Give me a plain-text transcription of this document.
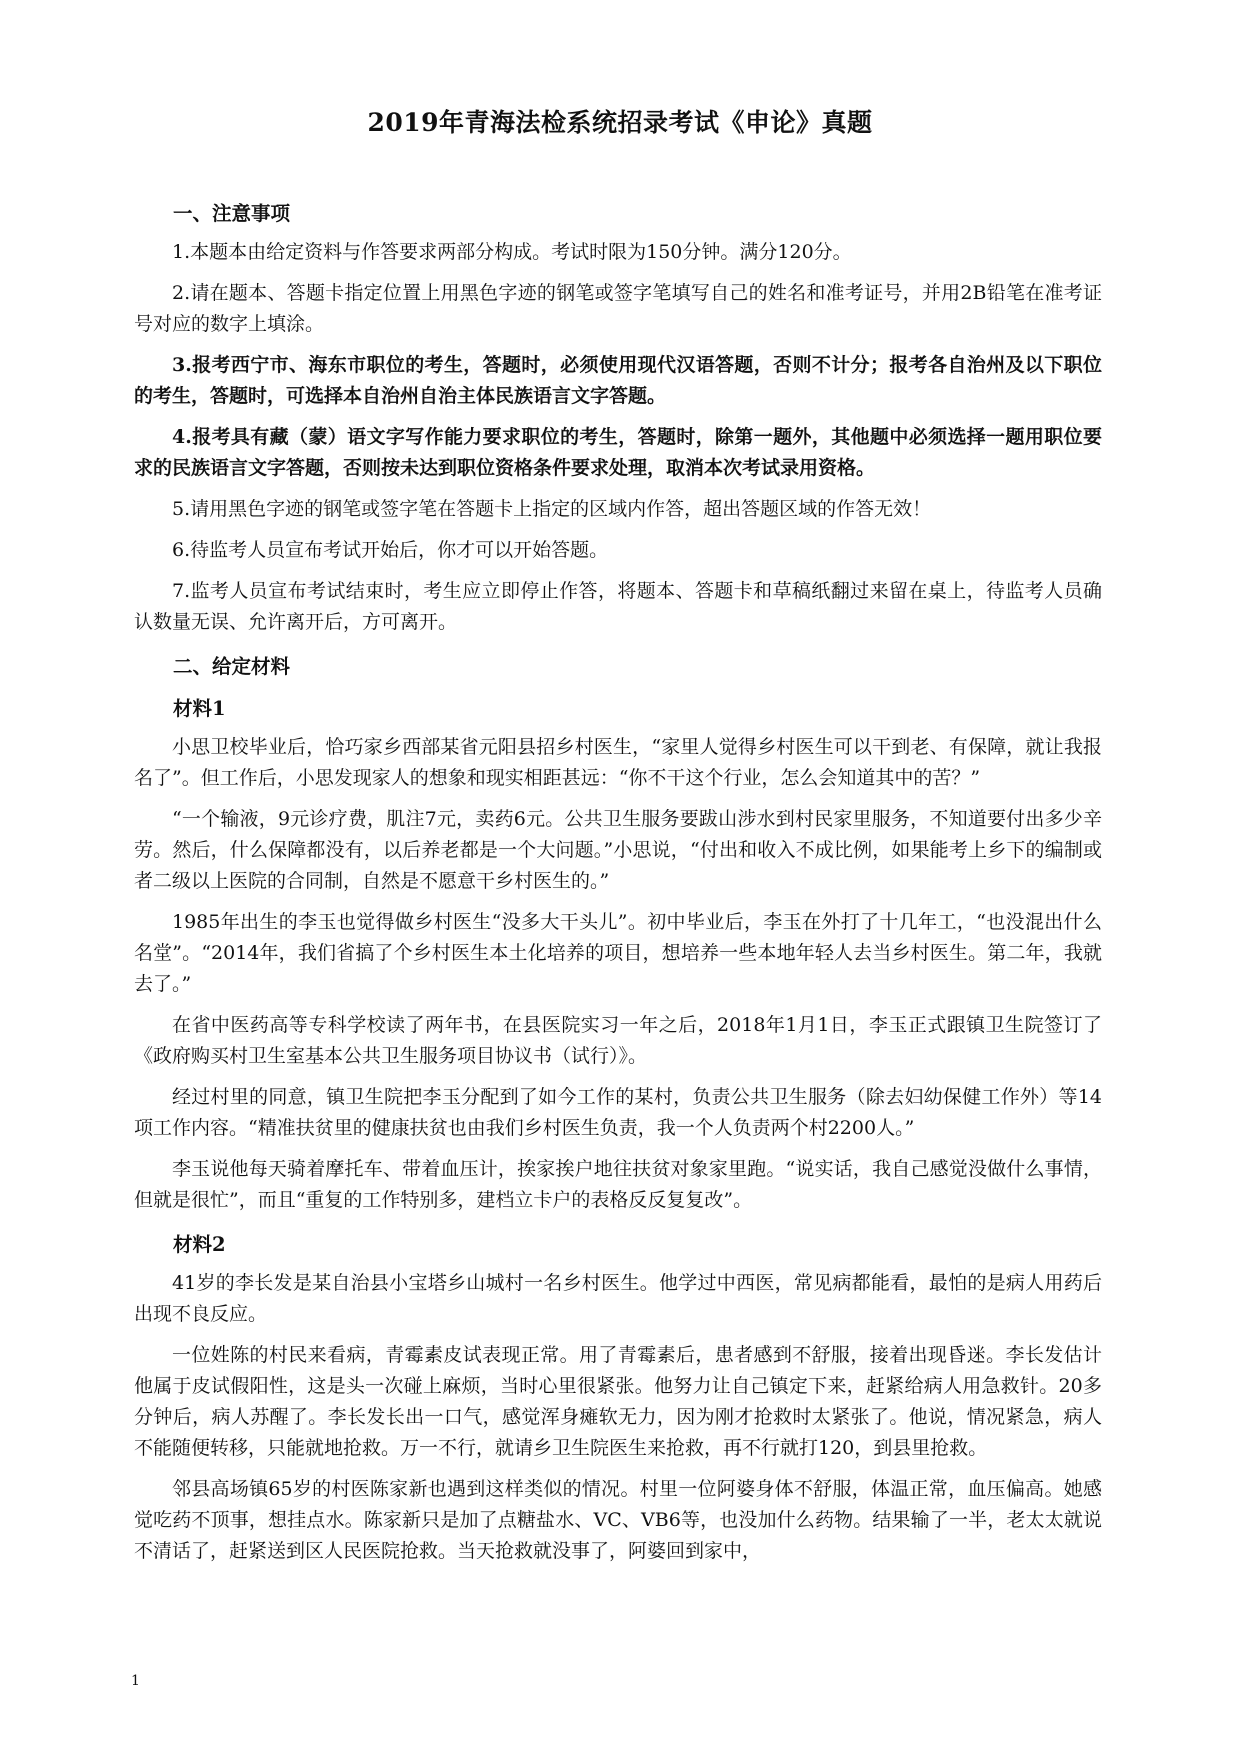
2019年青海法检系统招录考试《申论》真题
一、注意事项

1.本题本由给定资料与作答要求两部分构成。考试时限为150分钟。满分120分。

2.请在题本、答题卡指定位置上用黑色字迹的钢笔或签字笔填写自己的姓名和准考证号，并用2B铅笔在准考证号对应的数字上填涂。

3.报考西宁市、海东市职位的考生，答题时，必须使用现代汉语答题，否则不计分；报考各自治州及以下职位的考生，答题时，可选择本自治州自治主体民族语言文字答题。

4.报考具有藏（蒙）语文字写作能力要求职位的考生，答题时，除第一题外，其他题中必须选择一题用职位要求的民族语言文字答题，否则按未达到职位资格条件要求处理，取消本次考试录用资格。

5.请用黑色字迹的钢笔或签字笔在答题卡上指定的区域内作答，超出答题区域的作答无效！

6.待监考人员宣布考试开始后，你才可以开始答题。

7.监考人员宣布考试结束时，考生应立即停止作答，将题本、答题卡和草稿纸翻过来留在桌上，待监考人员确认数量无误、允许离开后，方可离开。

二、给定材料
材料1

小思卫校毕业后，恰巧家乡西部某省元阳县招乡村医生，“家里人觉得乡村医生可以干到老、有保障，就让我报名了”。但工作后，小思发现家人的想象和现实相距甚远：“你不干这个行业，怎么会知道其中的苦？”

“一个输液，9元诊疗费，肌注7元，卖药6元。公共卫生服务要跋山涉水到村民家里服务，不知道要付出多少辛劳。然后，什么保障都没有，以后养老都是一个大问题。”小思说，“付出和收入不成比例，如果能考上乡下的编制或者二级以上医院的合同制，自然是不愿意干乡村医生的。”

1985年出生的李玉也觉得做乡村医生“没多大干头儿”。初中毕业后，李玉在外打了十几年工，“也没混出什么名堂”。“2014年，我们省搞了个乡村医生本土化培养的项目，想培养一些本地年轻人去当乡村医生。第二年，我就去了。”

在省中医药高等专科学校读了两年书，在县医院实习一年之后，2018年1月1日，李玉正式跟镇卫生院签订了《政府购买村卫生室基本公共卫生服务项目协议书（试行）》。

经过村里的同意，镇卫生院把李玉分配到了如今工作的某村，负责公共卫生服务（除去妇幼保健工作外）等14项工作内容。“精准扶贫里的健康扶贫也由我们乡村医生负责，我一个人负责两个村2200人。”

李玉说他每天骑着摩托车、带着血压计，挨家挨户地往扶贫对象家里跑。“说实话，我自己感觉没做什么事情，但就是很忙”，而且“重复的工作特别多，建档立卡户的表格反反复复改”。

材料2

41岁的李长发是某自治县小宝塔乡山城村一名乡村医生。他学过中西医，常见病都能看，最怕的是病人用药后出现不良反应。

一位姓陈的村民来看病，青霉素皮试表现正常。用了青霉素后，患者感到不舒服，接着出现昏迷。李长发估计他属于皮试假阳性，这是头一次碰上麻烦，当时心里很紧张。他努力让自己镇定下来，赶紧给病人用急救针。20多分钟后，病人苏醒了。李长发长出一口气，感觉浑身瘫软无力，因为刚才抢救时太紧张了。他说，情况紧急，病人不能随便转移，只能就地抢救。万一不行，就请乡卫生院医生来抢救，再不行就打120，到县里抢救。

邻县高场镇65岁的村医陈家新也遇到这样类似的情况。村里一位阿婆身体不舒服，体温正常，血压偏高。她感觉吃药不顶事，想挂点水。陈家新只是加了点糖盐水、VC、VB6等，也没加什么药物。结果输了一半，老太太就说不清话了，赶紧送到区人民医院抢救。当天抢救就没事了，阿婆回到家中，

1
